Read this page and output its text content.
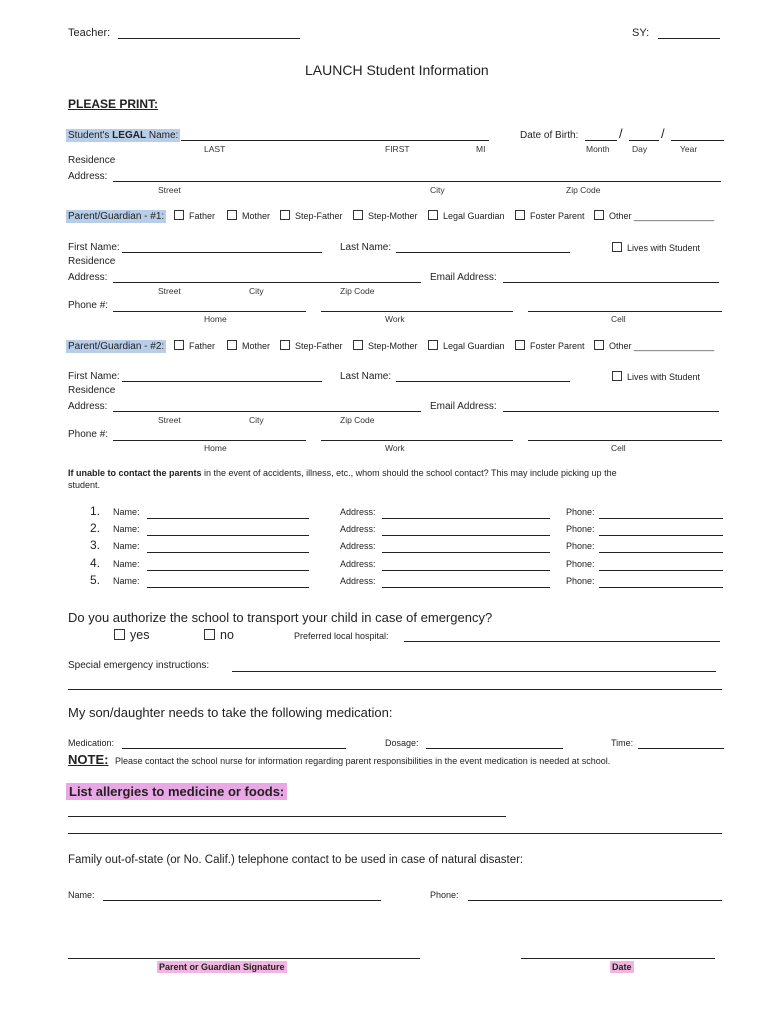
Teacher:	SY:
LAUNCH Student Information
PLEASE PRINT:
Student's LEGAL Name:
LAST	FIRST	MI
Date of Birth:	/	/
Month	Day	Year
Residence
Address:
Street	City	Zip Code
Parent/Guardian - #1:	Father	Mother	Step-Father	Step-Mother	Legal Guardian	Foster Parent	Other ________________
First Name:	Last Name:	Lives with Student
Residence
Address:	Email Address:
Street	City	Zip Code
Phone #:
Home	Work	Cell
Parent/Guardian - #2:	Father	Mother	Step-Father	Step-Mother	Legal Guardian	Foster Parent	Other ________________
First Name:	Last Name:	Lives with Student
Residence
Address:	Email Address:
Street	City	Zip Code
Phone #:
Home	Work	Cell
If unable to contact the parents in the event of accidents, illness, etc., whom should the school contact? This may include picking up the
student.
1. Name:	Address:	Phone:
2. Name:	Address:	Phone:
3. Name:	Address:	Phone:
4. Name:	Address:	Phone:
5. Name:	Address:	Phone:
Do you authorize the school to transport your child in case of emergency?
yes	no	Preferred local hospital:
Special emergency instructions:
My son/daughter needs to take the following medication:
Medication:	Dosage:	Time:
NOTE: Please contact the school nurse for information regarding parent responsibilities in the event medication is needed at school.
List allergies to medicine or foods:
Family out-of-state (or No. Calif.) telephone contact to be used in case of natural disaster:
Name:	Phone:
Parent or Guardian Signature	Date
